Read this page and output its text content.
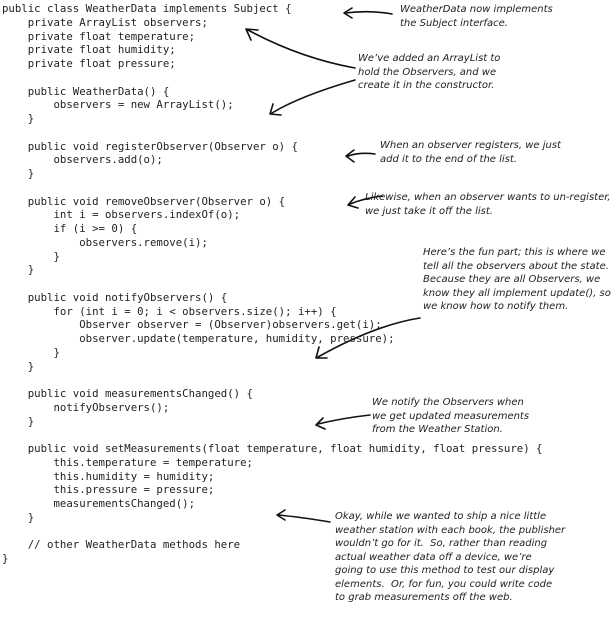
public class WeatherData implements Subject {
private ArrayList observers;
private float temperature;
private float humidity;
private float pressure;
public WeatherData() {
observers = new ArrayList();
}
public void registerObserver(Observer o) {
observers.add(o);
}
public void removeObserver(Observer o) {
int i = observers.indexOf(o);
if (i >= 0) {
observers.remove(i);
}
}
public void notifyObservers() {
for (int i = 0; i < observers.size(); i++) {
Observer observer = (Observer)observers.get(i);
observer.update(temperature, humidity, pressure);
}
}
public void measurementsChanged() {
notifyObservers();
}
public void setMeasurements(float temperature, float humidity, float pressure) {
this.temperature = temperature;
this.humidity = humidity;
this.pressure = pressure;
measurementsChanged();
}
// other WeatherData methods here
}
WeatherData now implements
the Subject interface.
We’ve added an ArrayList to
hold the Observers, and we
create it in the constructor.
When an observer registers, we just
add it to the end of the list.
Likewise, when an observer wants to un-register,
we just take it off the list.
Here’s the fun part; this is where we
tell all the observers about the state.
Because they are all Observers, we
know they all implement update(), so
we know how to notify them.
We notify the Observers when
we get updated measurements
from the Weather Station.
Okay, while we wanted to ship a nice little
weather station with each book, the publisher
wouldn’t go for it.  So, rather than reading
actual weather data off a device, we’re
going to use this method to test our display
elements.  Or, for fun, you could write code
to grab measurements off the web.
